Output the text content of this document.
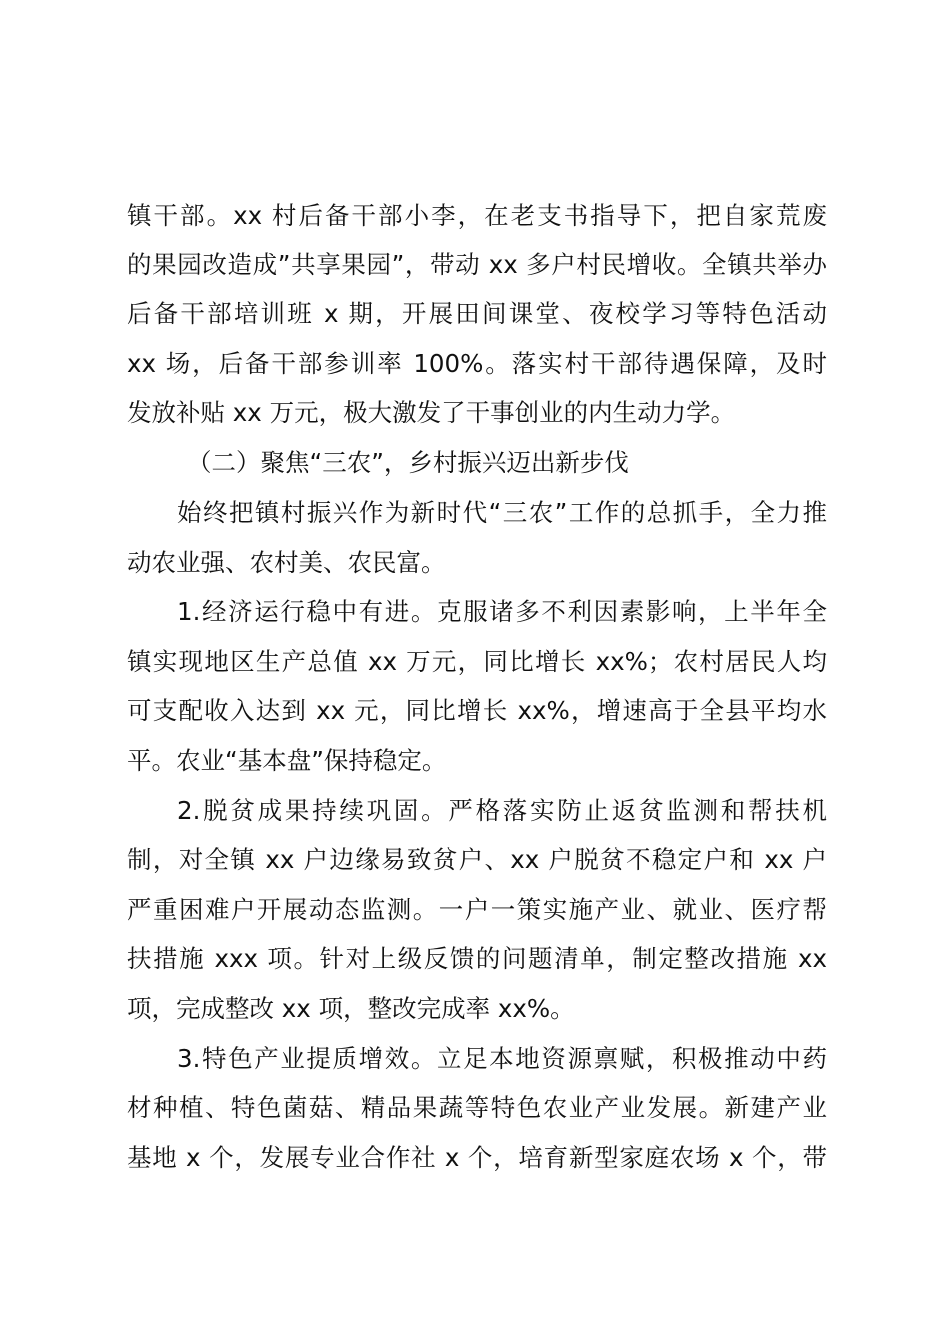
镇干部。xx 村后备干部小李，在老支书指导下，把自家荒废
的果园改造成”共享果园”，带动 xx 多户村民增收。全镇共举办
后备干部培训班 x 期，开展田间课堂、夜校学习等特色活动
xx 场，后备干部参训率 100%。落实村干部待遇保障，及时
发放补贴 xx 万元，极大激发了干事创业的内生动力学。
（二）聚焦“三农”，乡村振兴迈出新步伐
始终把镇村振兴作为新时代“三农”工作的总抓手，全力推
动农业强、农村美、农民富。
1.经济运行稳中有进。克服诸多不利因素影响，上半年全
镇实现地区生产总值 xx 万元，同比增长 xx%；农村居民人均
可支配收入达到 xx 元，同比增长 xx%，增速高于全县平均水
平。农业“基本盘”保持稳定。
2.脱贫成果持续巩固。严格落实防止返贫监测和帮扶机
制，对全镇 xx 户边缘易致贫户、xx 户脱贫不稳定户和 xx 户
严重困难户开展动态监测。一户一策实施产业、就业、医疗帮
扶措施 xxx 项。针对上级反馈的问题清单，制定整改措施 xx
项，完成整改 xx 项，整改完成率 xx%。
3.特色产业提质增效。立足本地资源禀赋，积极推动中药
材种植、特色菌菇、精品果蔬等特色农业产业发展。新建产业
基地 x 个，发展专业合作社 x 个，培育新型家庭农场 x 个，带
